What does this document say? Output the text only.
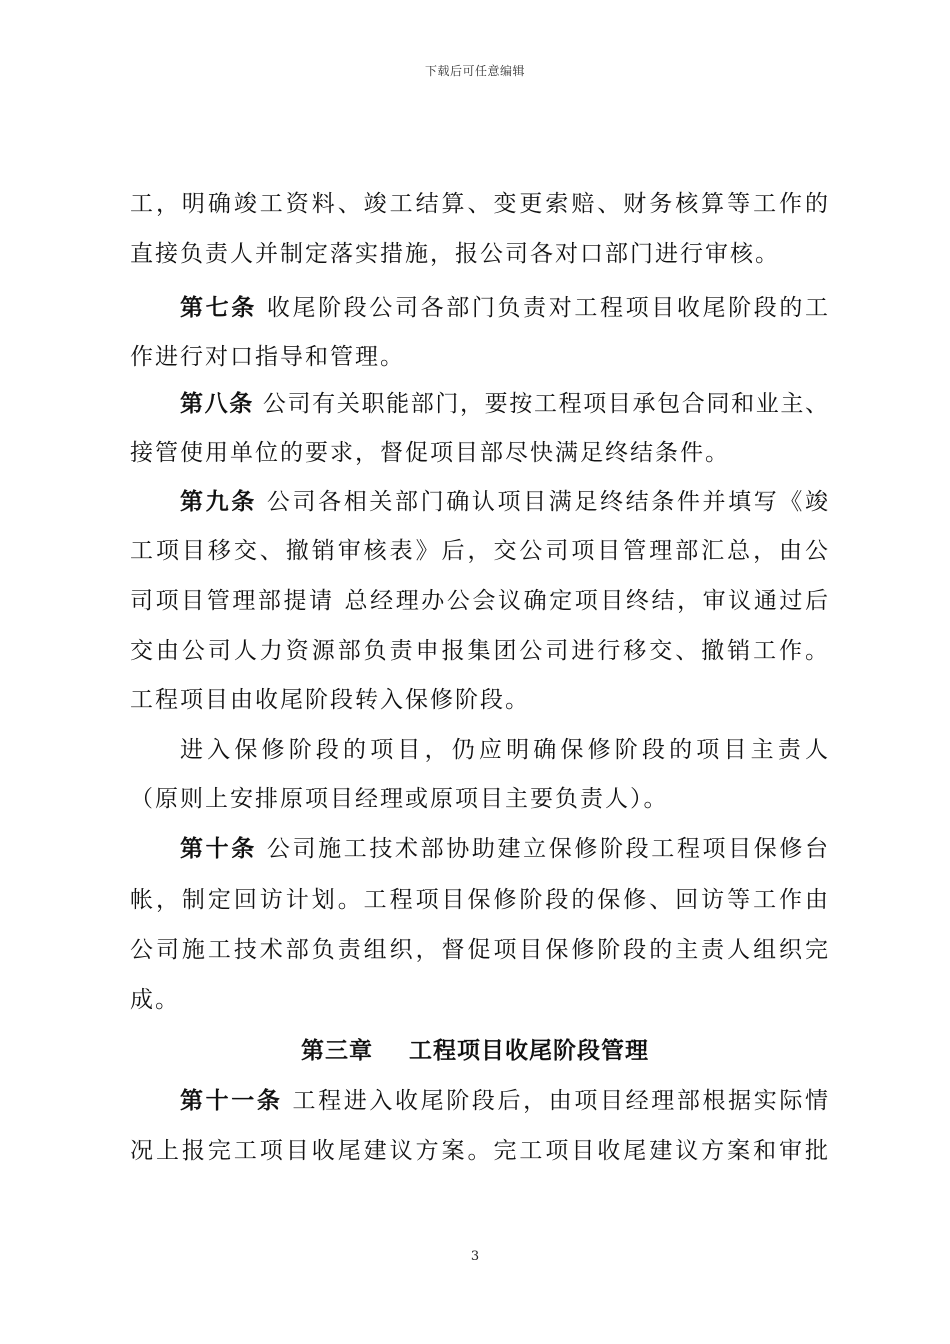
下载后可任意编辑
工，明确竣工资料、竣工结算、变更索赔、财务核算等工作的
直接负责人并制定落实措施，报公司各对口部门进行审核。
第七条 收尾阶段公司各部门负责对工程项目收尾阶段的工
作进行对口指导和管理。
第八条 公司有关职能部门，要按工程项目承包合同和业主、
接管使用单位的要求，督促项目部尽快满足终结条件。
第九条 公司各相关部门确认项目满足终结条件并填写《竣
工项目移交、撤销审核表》后，交公司项目管理部汇总，由公
司项目管理部提请 总经理办公会议确定项目终结，审议通过后
交由公司人力资源部负责申报集团公司进行移交、撤销工作。
工程项目由收尾阶段转入保修阶段。
进入保修阶段的项目，仍应明确保修阶段的项目主责人
（原则上安排原项目经理或原项目主要负责人）。
第十条 公司施工技术部协助建立保修阶段工程项目保修台
帐，制定回访计划。工程项目保修阶段的保修、回访等工作由
公司施工技术部负责组织，督促项目保修阶段的主责人组织完
成。
第三章    工程项目收尾阶段管理
第十一条 工程进入收尾阶段后，由项目经理部根据实际情
况上报完工项目收尾建议方案。完工项目收尾建议方案和审批
3
